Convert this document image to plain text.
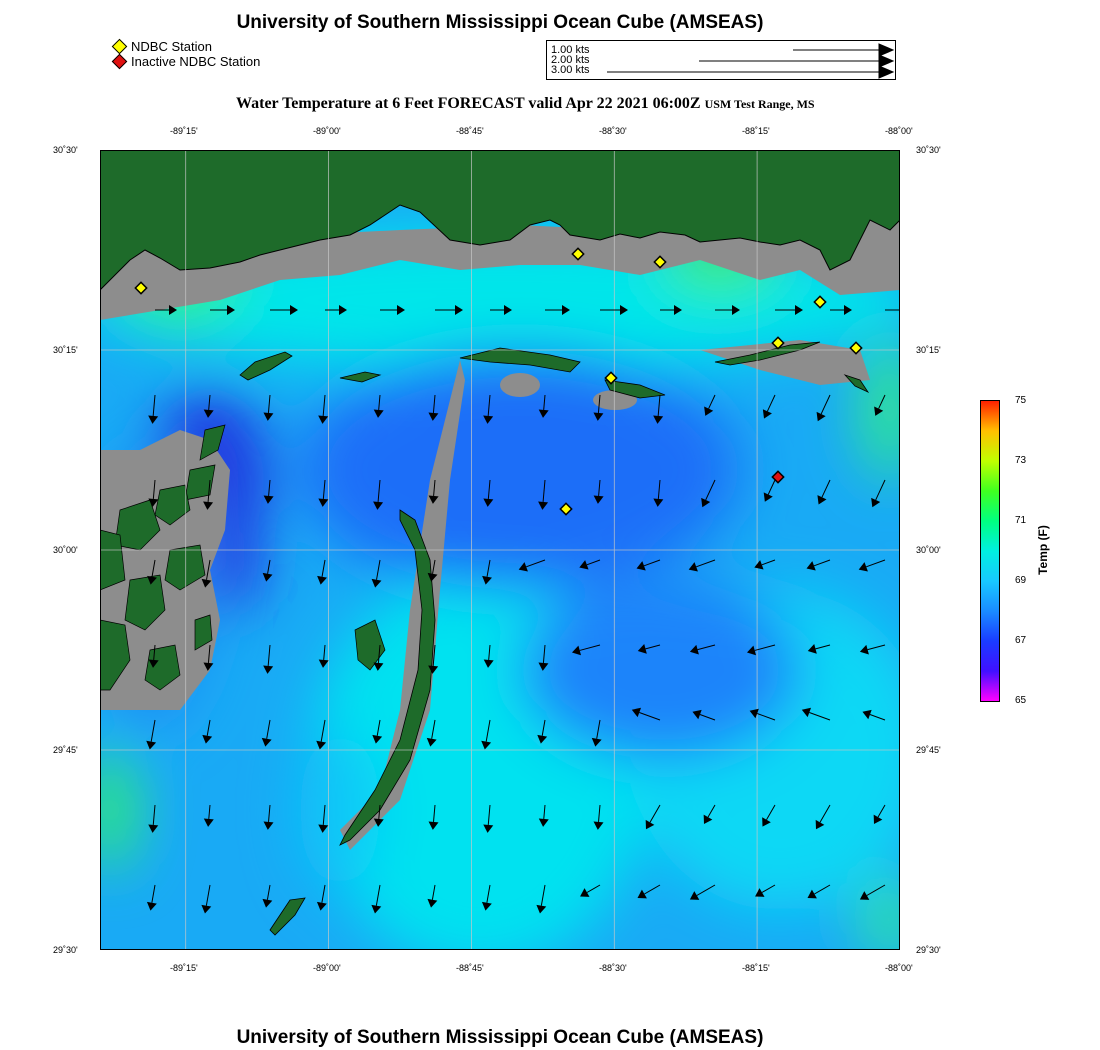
University of Southern Mississippi Ocean Cube (AMSEAS)
NDBC Station
Inactive NDBC Station
1.00 kts
2.00 kts
3.00 kts
Water Temperature at 6 Feet FORECAST valid Apr 22 2021 06:00Z USM Test Range, MS
-89˚15'	-89˚00'	-88˚45'	-88˚30'	-88˚15'	-88˚00'
-89˚15'	-89˚00'	-88˚45'	-88˚30'	-88˚15'	-88˚00'
30˚30'
30˚15'
30˚00'
29˚45'
29˚30'
30˚30'
30˚15'
30˚00'
29˚45'
29˚30'
75
73
71
69
67
65
Temp (F)
University of Southern Mississippi Ocean Cube (AMSEAS)
